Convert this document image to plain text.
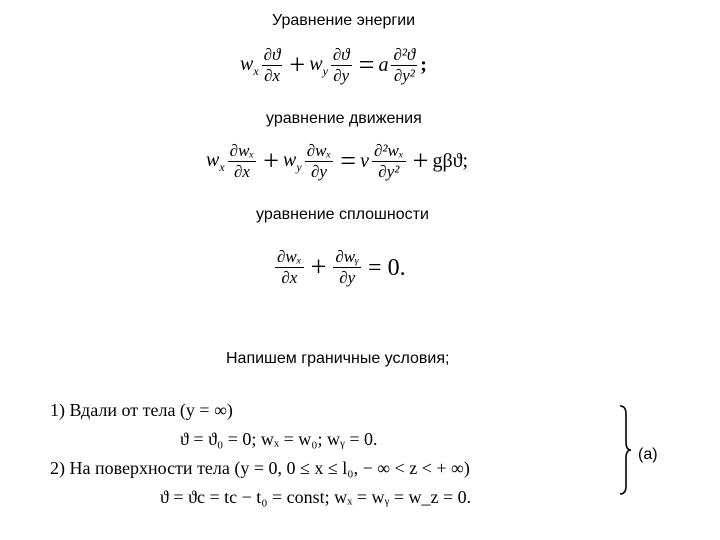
Уравнение энергии
$w_x \frac{\partial ϑ}{\partial x} + w_y \frac{\partial ϑ}{\partial y} = a \frac{\text{∂²ϑ}}{\text{∂y²}}$ ;
уравнение движения
$w_x \frac{\text{∂wₓ}}{\partial x} + w_y \frac{\text{∂wₓ}}{\partial y} = \nu \frac{\text{∂²wₓ}}{\text{∂y²}} + g\beta ϑ$;
уравнение сплошности
$\frac{\text{∂wₓ}}{\partial x} + \frac{\text{∂wᵧ}}{\partial y} = 0$.
Напишем граничные условия;
1) Вдали от тела (y = ∞)
ϑ = ϑ₀ = 0; wₓ = w₀; wᵧ = 0.
2) На поверхности тела (y = 0, 0 ≤ x ≤ l₀, − ∞ < z < + ∞)
ϑ = ϑc = tc − t₀ = const; wₓ = wᵧ = w_z = 0.
(a)
